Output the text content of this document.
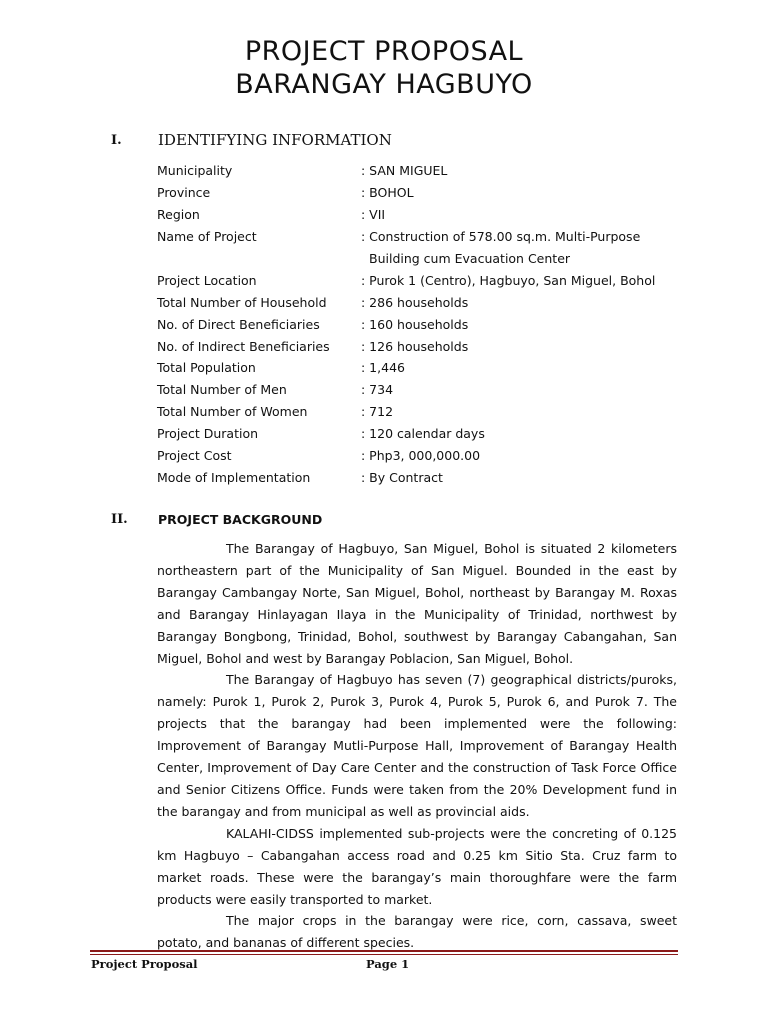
PROJECT PROPOSAL
BARANGAY HAGBUYO
I. IDENTIFYING INFORMATION
Municipality	: SAN MIGUEL
Province	: BOHOL
Region	: VII
Name of Project	: Construction of 578.00 sq.m. Multi-Purpose
Building cum Evacuation Center
Project Location	: Purok 1 (Centro), Hagbuyo, San Miguel, Bohol
Total Number of Household	: 286 households
No. of Direct Beneficiaries	: 160 households
No. of Indirect Beneficiaries	: 126 households
Total Population	: 1,446
Total Number of Men	: 734
Total Number of Women	: 712
Project Duration	: 120 calendar days
Project Cost	: Php3, 000,000.00
Mode of Implementation	: By Contract
II. PROJECT BACKGROUND

The Barangay of Hagbuyo, San Miguel, Bohol is situated 2 kilometers northeastern part of the Municipality of San Miguel. Bounded in the east by Barangay Cambangay Norte, San Miguel, Bohol, northeast by Barangay M. Roxas and Barangay Hinlayagan Ilaya in the Municipality of Trinidad, northwest by Barangay Bongbong, Trinidad, Bohol, southwest by Barangay Cabangahan, San Miguel, Bohol and west by Barangay Poblacion, San Miguel, Bohol.

The Barangay of Hagbuyo has seven (7) geographical districts/puroks, namely: Purok 1, Purok 2, Purok 3, Purok 4, Purok 5, Purok 6, and Purok 7. The projects that the barangay had been implemented were the following: Improvement of Barangay Mutli-Purpose Hall, Improvement of Barangay Health Center, Improvement of Day Care Center and the construction of Task Force Office and Senior Citizens Office. Funds were taken from the 20% Development fund in the barangay and from municipal as well as provincial aids.

KALAHI-CIDSS implemented sub-projects were the concreting of 0.125 km Hagbuyo – Cabangahan access road and 0.25 km Sitio Sta. Cruz farm to market roads. These were the barangay’s main thoroughfare were the farm products were easily transported to market.

The major crops in the barangay were rice, corn, cassava, sweet potato, and bananas of different species.

Project Proposal	Page 1
